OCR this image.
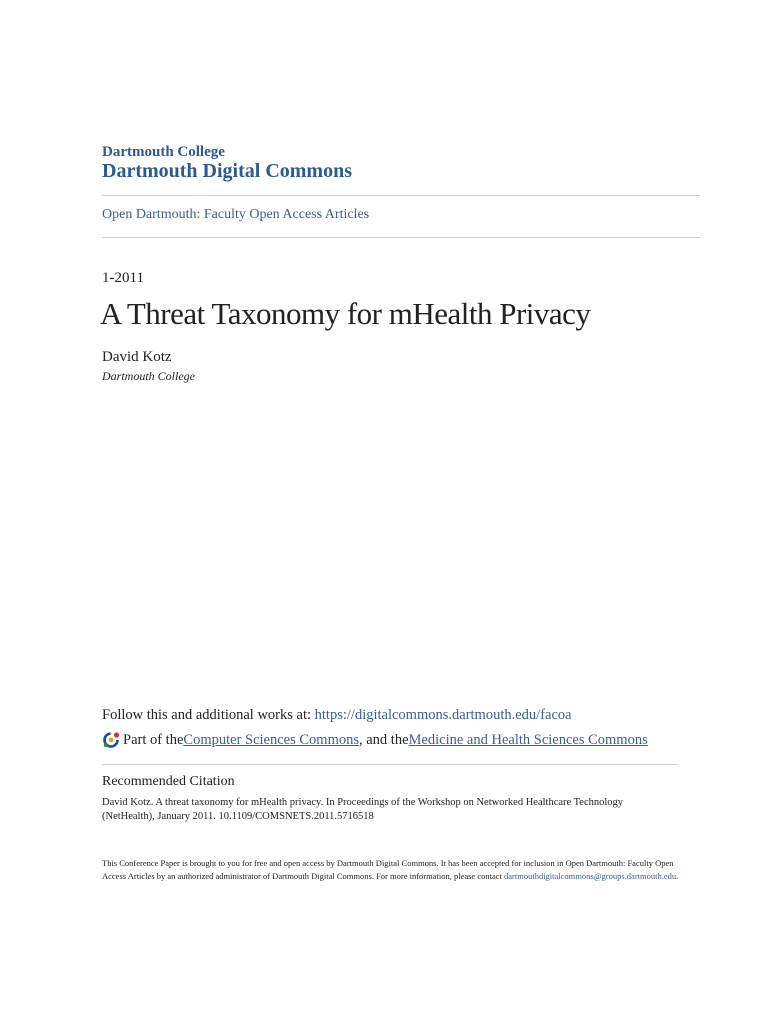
Dartmouth College
Dartmouth Digital Commons
Open Dartmouth: Faculty Open Access Articles
1-2011
A Threat Taxonomy for mHealth Privacy
David Kotz
Dartmouth College
Follow this and additional works at: https://digitalcommons.dartmouth.edu/facoa
Part of the Computer Sciences Commons , and the Medicine and Health Sciences Commons
Recommended Citation
David Kotz. A threat taxonomy for mHealth privacy. In Proceedings of the Workshop on Networked Healthcare Technology (NetHealth), January 2011. 10.1109/COMSNETS.2011.5716518
This Conference Paper is brought to you for free and open access by Dartmouth Digital Commons. It has been accepted for inclusion in Open Dartmouth: Faculty Open Access Articles by an authorized administrator of Dartmouth Digital Commons. For more information, please contact dartmouthdigitalcommons@groups.dartmouth.edu.
